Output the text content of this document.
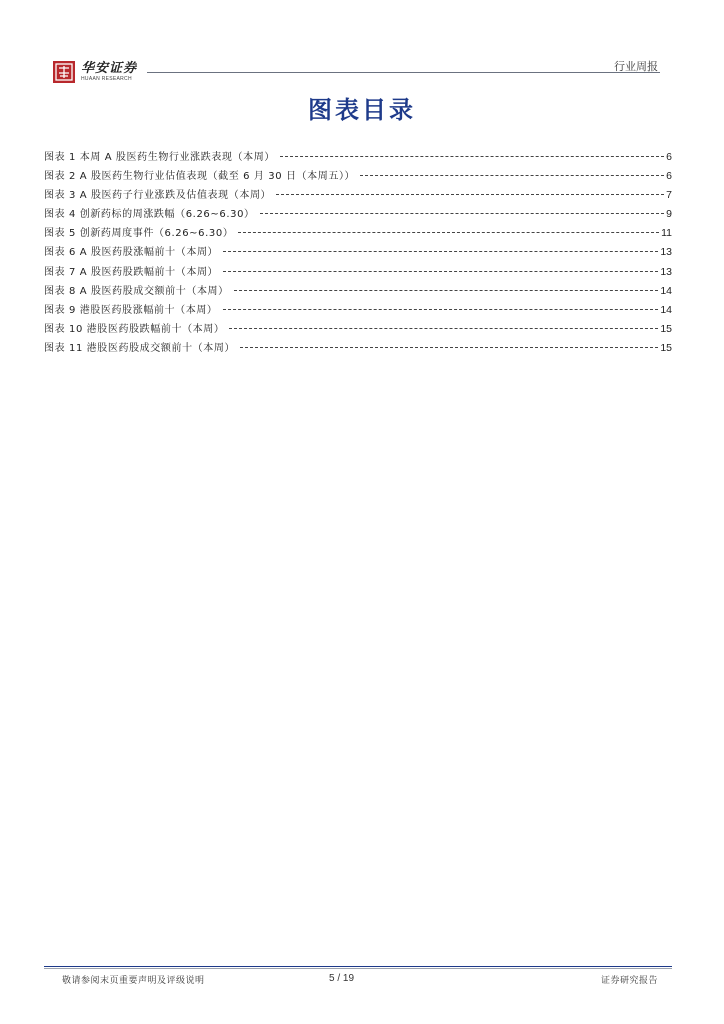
华安证券
HUAAN RESEARCH
行业周报
图表目录
图表 1 本周 A 股医药生物行业涨跌表现（本周）	6
图表 2 A 股医药生物行业估值表现（截至 6 月 30 日（本周五））	6
图表 3 A 股医药子行业涨跌及估值表现（本周）	7
图表 4 创新药标的周涨跌幅（6.26~6.30）	9
图表 5 创新药周度事件（6.26~6.30）	11
图表 6 A 股医药股涨幅前十（本周）	13
图表 7 A 股医药股跌幅前十（本周）	13
图表 8 A 股医药股成交额前十（本周）	14
图表 9 港股医药股涨幅前十（本周）	14
图表 10 港股医药股跌幅前十（本周）	15
图表 11 港股医药股成交额前十（本周）	15
敬请参阅末页重要声明及评级说明	5 / 19	证券研究报告
